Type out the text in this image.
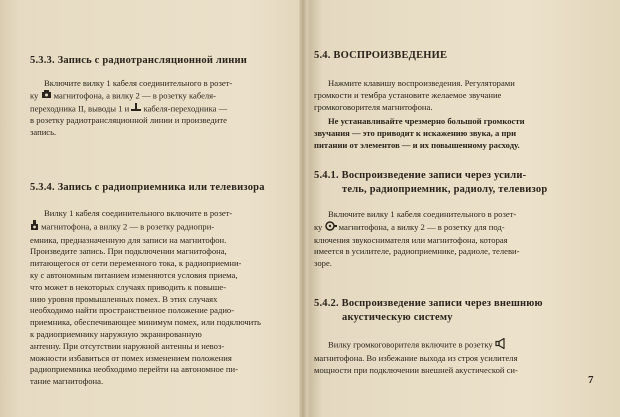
5.3.3. Запись с радиотрансляционной линии
Включите вилку 1 кабеля соединительного в розет-
ку магнитофона, а вилку 2 — в розетку кабеля-
переходника II, выводы 1 и кабеля-переходника —
в розетку радиотрансляционной линии и произведите
запись.
5.3.4. Запись с радиоприемника или телевизора
Вилку 1 кабеля соединительного включите в розет-
магнитофона, а вилку 2 — в розетку радиопри-
емника, предназначенную для записи на магнитофон.
Произведите запись. При подключении магнитофона,
питающегося от сети переменного тока, к радиоприемни-
ку с автономным питанием изменяются условия приема,
что может в некоторых случаях приводить к повыше-
нию уровня промышленных помех. В этих случаях
необходимо найти пространственное положение радио-
приемника, обеспечивающее минимум помех, или подключить
к радиоприемнику наружную экранированную
антенну. При отсутствии наружной антенны и невоз-
можности избавиться от помех изменением положения
радиоприемника необходимо перейти на автономное пи-
тание магнитофона.
5.4. ВОСПРОИЗВЕДЕНИЕ
Нажмите клавишу воспроизведения. Регуляторами
громкости и тембра установите желаемое звучание
громкоговорителя магнитофона.
Не устанавливайте чрезмерно большой громкости
звучания — это приводит к искажению звука, а при
питании от элементов — и их повышенному расходу.
5.4.1. Воспроизведение записи через усили-
тель, радиоприемник, радиолу, телевизор
Включите вилку 1 кабеля соединительного в розет-
ку магнитофона, а вилку 2 — в розетку для под-
ключения звукоснимателя или магнитофона, которая
имеется в усилителе, радиоприемнике, радиоле, телеви-
зоре.
5.4.2. Воспроизведение записи через внешнюю
акустическую систему
Вилку громкоговорителя включите в розетку
магнитофона. Во избежание выхода из строя усилителя
мощности при подключении внешней акустической си-
7
